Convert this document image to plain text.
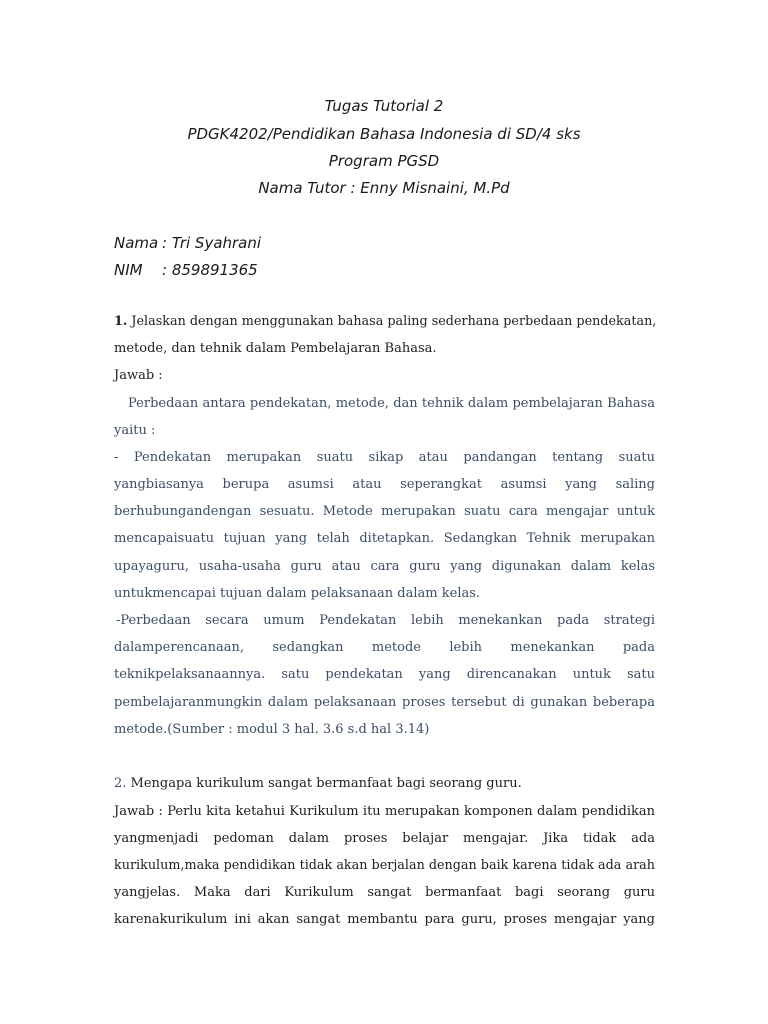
Tugas Tutorial 2
PDGK4202/Pendidikan Bahasa Indonesia di SD/4 sks
Program PGSD
Nama Tutor : Enny Misnaini, M.Pd
Nama : Tri Syahrani
NIM : 859891365
1. Jelaskan dengan menggunakan bahasa paling sederhana perbedaan pendekatan,
metode, dan tehnik dalam Pembelajaran Bahasa.
Jawab :
Perbedaan antara pendekatan, metode, dan tehnik dalam pembelajaran Bahasa
yaitu :
- Pendekatan merupakan suatu sikap atau pandangan tentang suatu
yangbiasanya berupa asumsi atau seperangkat asumsi yang saling
berhubungandengan sesuatu. Metode merupakan suatu cara mengajar untuk
mencapaisuatu tujuan yang telah ditetapkan. Sedangkan Tehnik merupakan
upayaguru, usaha-usaha guru atau cara guru yang digunakan dalam kelas
untukmencapai tujuan dalam pelaksanaan dalam kelas.
-Perbedaan secara umum Pendekatan lebih menekankan pada strategi
dalamperencanaan, sedangkan metode lebih menekankan pada
teknikpelaksanaannya. satu pendekatan yang direncanakan untuk satu
pembelajaranmungkin dalam pelaksanaan proses tersebut di gunakan beberapa
metode.(Sumber : modul 3 hal. 3.6 s.d hal 3.14)
2. Mengapa kurikulum sangat bermanfaat bagi seorang guru.
Jawab : Perlu kita ketahui Kurikulum itu merupakan komponen dalam pendidikan
yangmenjadi pedoman dalam proses belajar mengajar. Jika tidak ada
kurikulum,maka pendidikan tidak akan berjalan dengan baik karena tidak ada arah
yangjelas. Maka dari Kurikulum sangat bermanfaat bagi seorang guru
karenakurikulum ini akan sangat membantu para guru, proses mengajar yang
